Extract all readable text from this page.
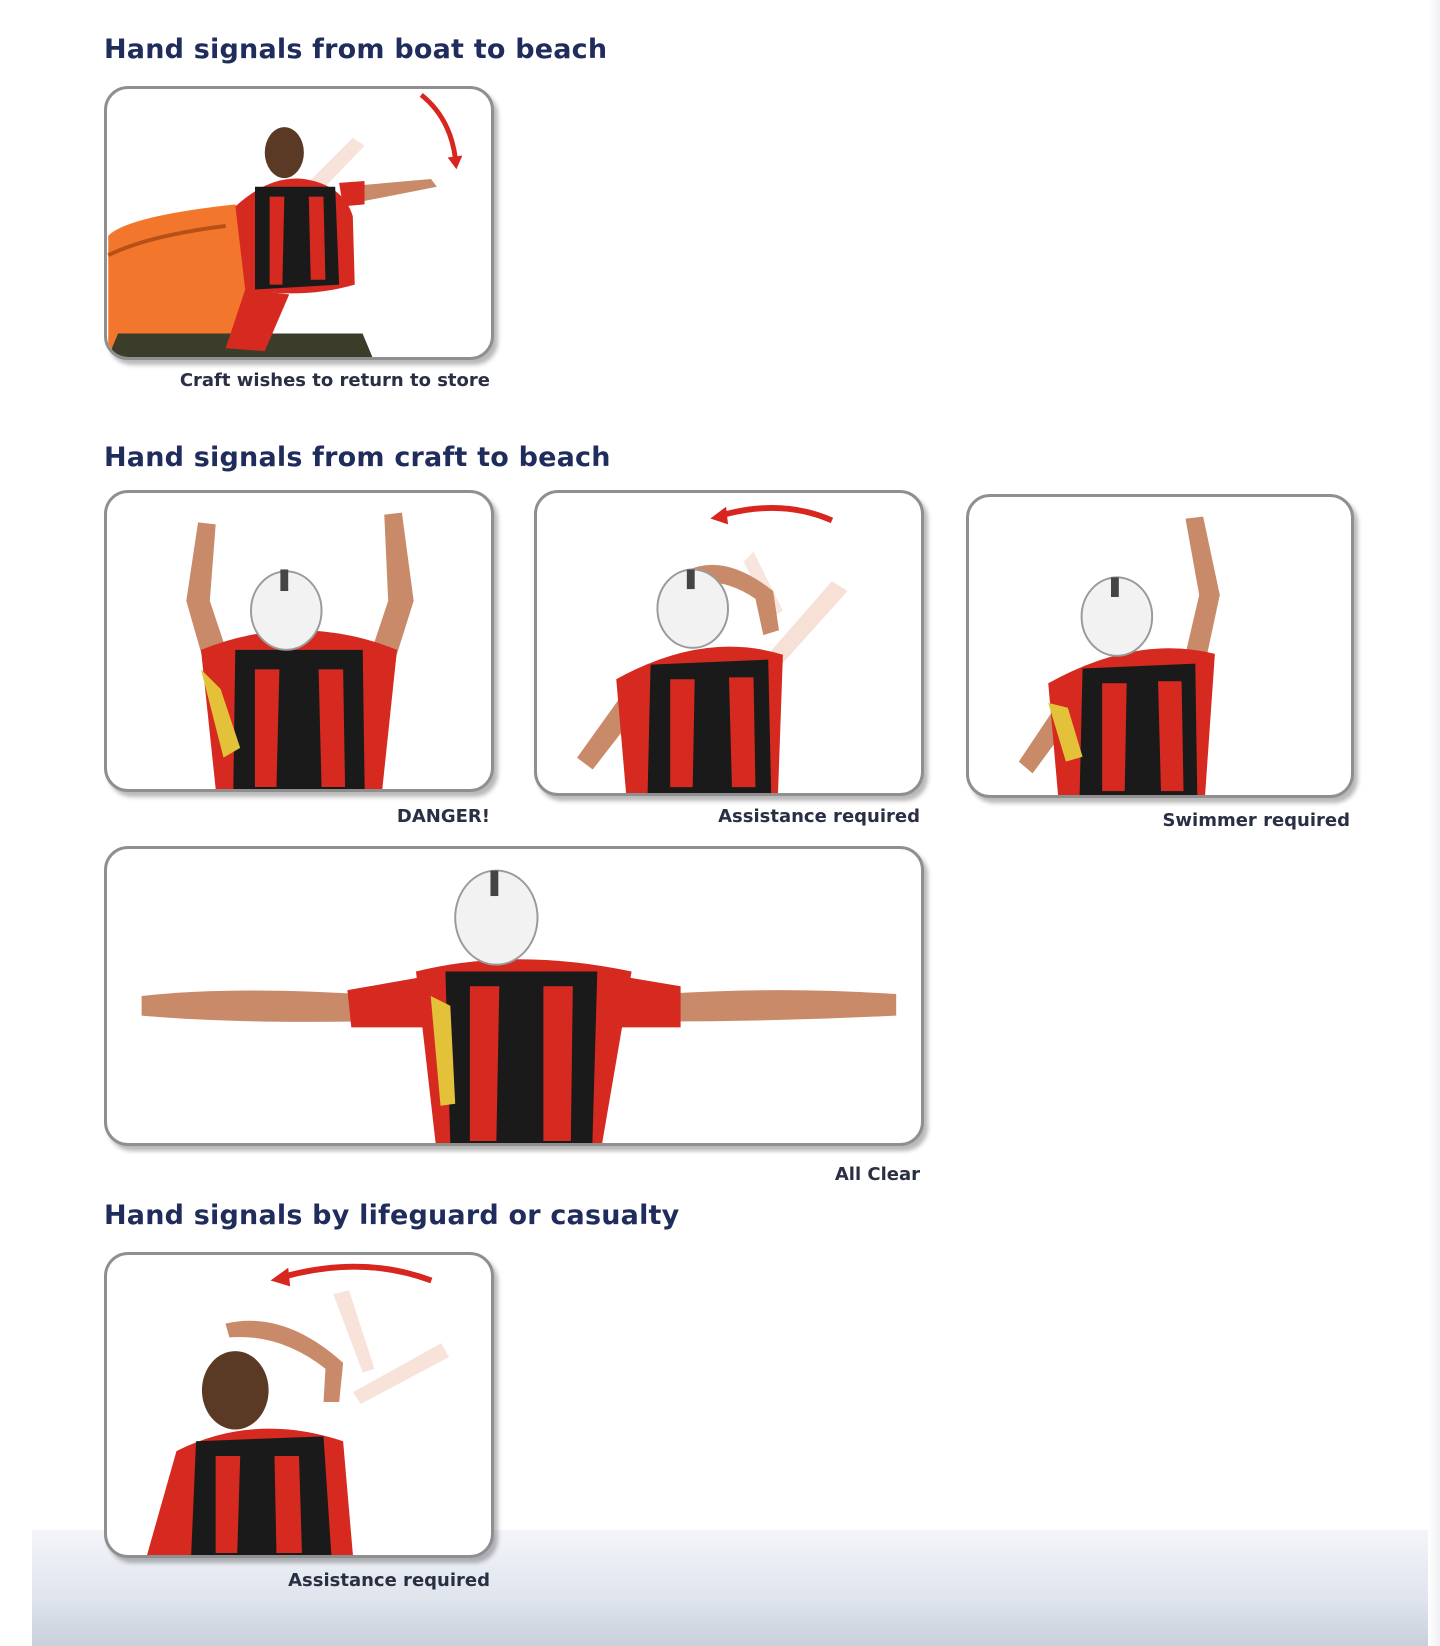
Hand signals from boat to beach
Craft wishes to return to store
Hand signals from craft to beach
DANGER!	Assistance required	Swimmer required
All Clear
Hand signals by lifeguard or casualty
Assistance required
